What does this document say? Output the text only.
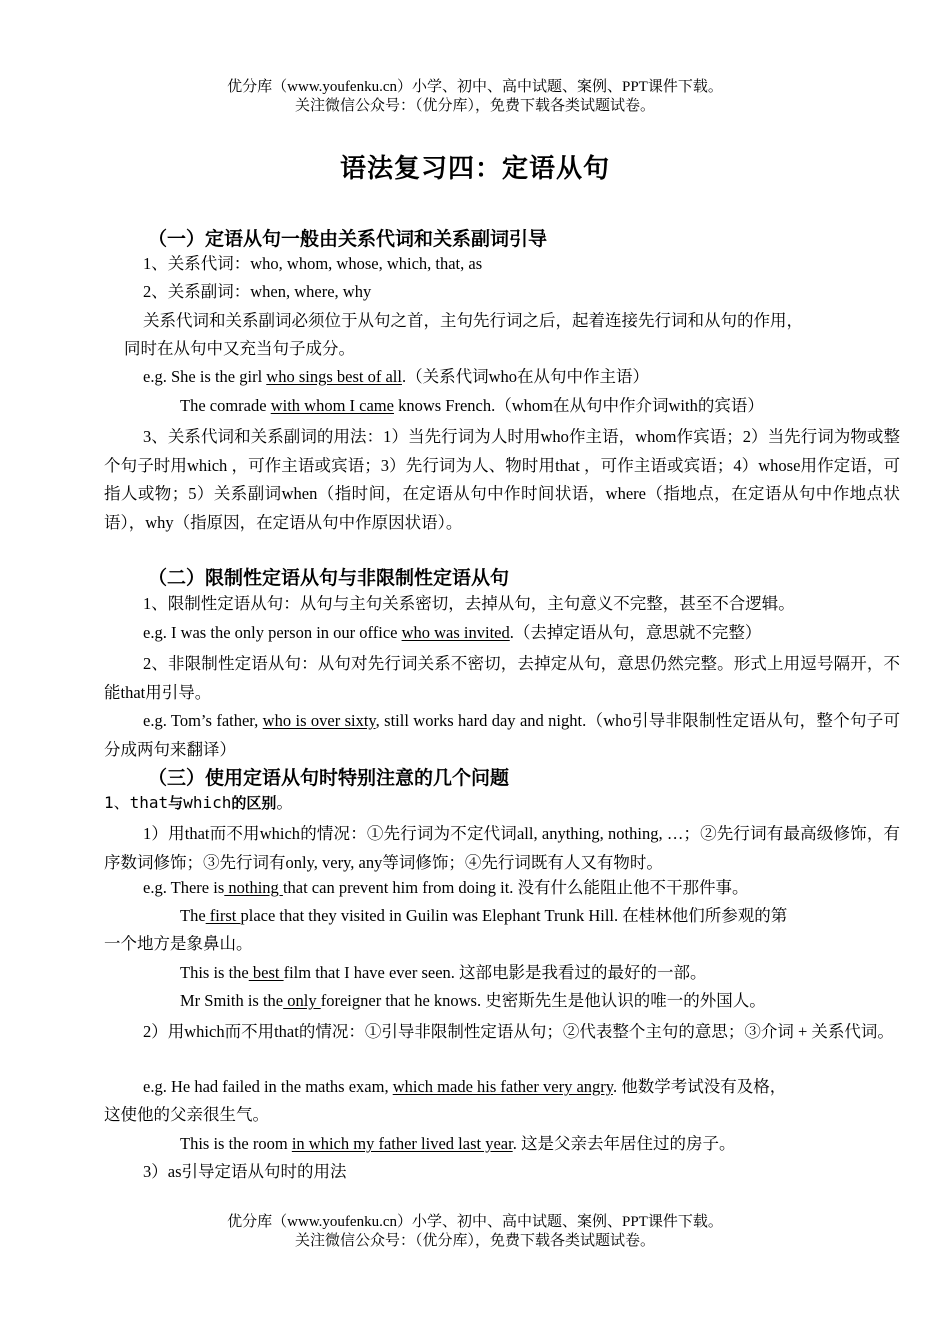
优分库（www.youfenku.cn）小学、初中、高中试题、案例、PPT课件下载。
关注微信公众号：（优分库），免费下载各类试题试卷。
语法复习四：定语从句
（一）定语从句一般由关系代词和关系副词引导
1、关系代词：who, whom, whose, which, that, as
2、关系副词：when, where, why
关系代词和关系副词必须位于从句之首，主句先行词之后，起着连接先行词和从句的作用，
同时在从句中又充当句子成分。
e.g. She is the girl who sings best of all.（关系代词who在从句中作主语）
The comrade with whom I came knows French.（whom在从句中作介词with的宾语）
3、关系代词和关系副词的用法：1）当先行词为人时用who作主语，whom作宾语；2）当先行词为物或整个句子时用which ，可作主语或宾语；3）先行词为人、物时用that ，可作主语或宾语；4）whose用作定语，可指人或物；5）关系副词when（指时间，在定语从句中作时间状语，where（指地点，在定语从句中作地点状语），why（指原因，在定语从句中作原因状语）。
（二）限制性定语从句与非限制性定语从句
1、限制性定语从句：从句与主句关系密切，去掉从句，主句意义不完整，甚至不合逻辑。
e.g. I was the only person in our office who was invited.（去掉定语从句，意思就不完整）
2、非限制性定语从句：从句对先行词关系不密切，去掉定从句，意思仍然完整。形式上用逗号隔开，不能that用引导。
e.g. Tom’s father, who is over sixty, still works hard day and night.（who引导非限制性定语从句，整个句子可分成两句来翻译）
（三）使用定语从句时特别注意的几个问题
1、that与which的区别。
1）用that而不用which的情况：①先行词为不定代词all, anything, nothing, …；②先行词有最高级修饰，有序数词修饰；③先行词有only, very, any等词修饰；④先行词既有人又有物时。
e.g. There is nothing that can prevent him from doing it. 没有什么能阻止他不干那件事。
The first place that they visited in Guilin was Elephant Trunk Hill. 在桂林他们所参观的第
一个地方是象鼻山。
This is the best film that I have ever seen. 这部电影是我看过的最好的一部。
Mr Smith is the only foreigner that he knows. 史密斯先生是他认识的唯一的外国人。
2）用which而不用that的情况：①引导非限制性定语从句；②代表整个主句的意思；③介词 + 关系代词。
e.g. He had failed in the maths exam, which made his father very angry. 他数学考试没有及格，
这使他的父亲很生气。
This is the room in which my father lived last year. 这是父亲去年居住过的房子。
3）as引导定语从句时的用法
优分库（www.youfenku.cn）小学、初中、高中试题、案例、PPT课件下载。
关注微信公众号：（优分库），免费下载各类试题试卷。
